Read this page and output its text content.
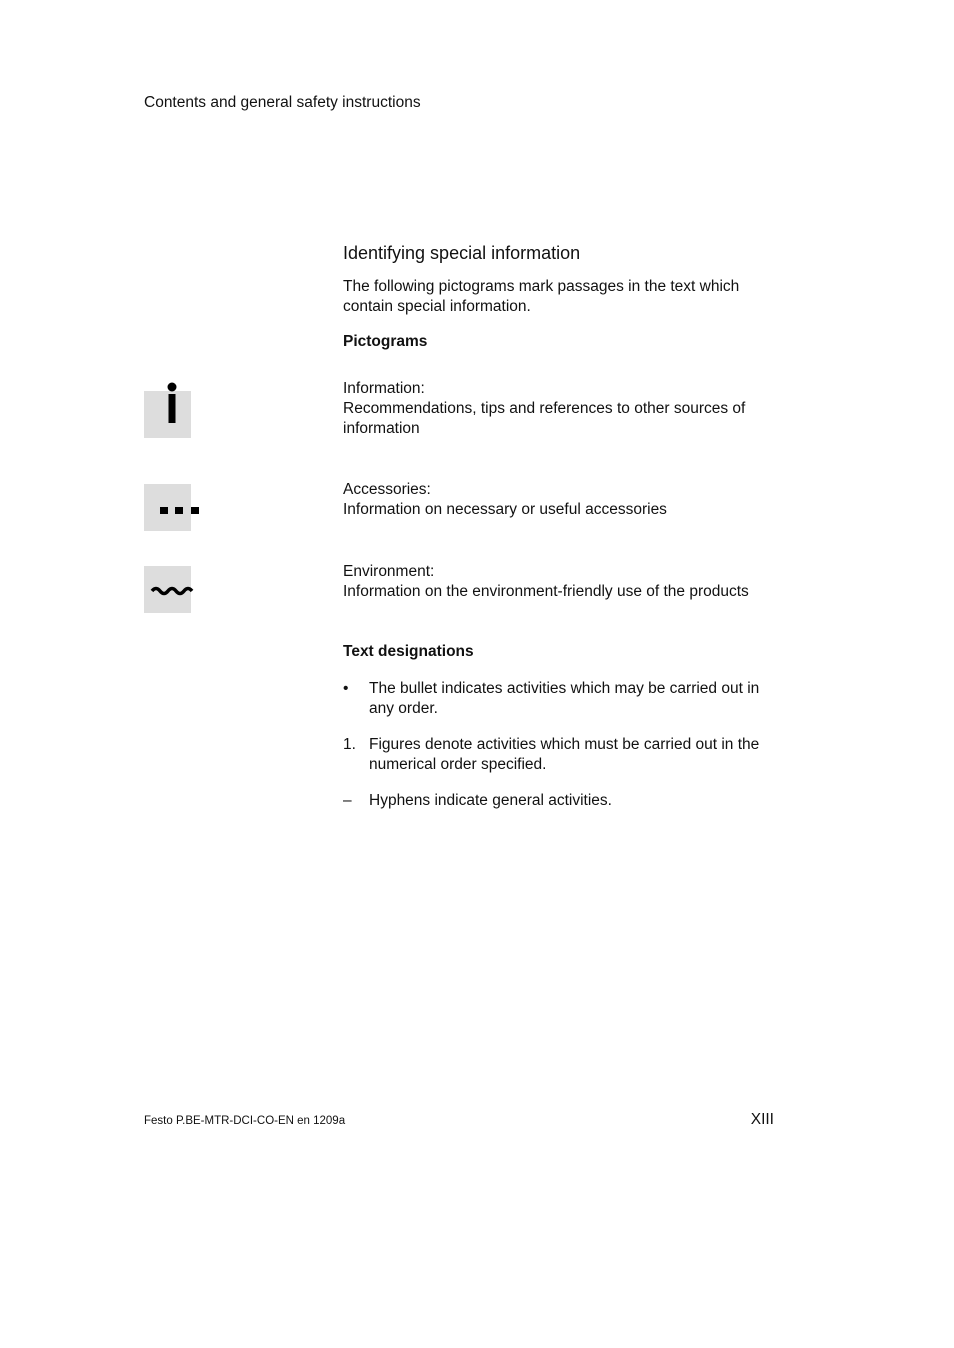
Contents and general safety instructions
Identifying special information
The following pictograms mark passages in the text which contain special information.
Pictograms
Information:
Recommendations, tips and references to other sources of information
Accessories:
Information on necessary or useful accessories
Environment:
Information on the environment-friendly use of the products
Text designations
•	The bullet indicates activities which may be carried out in any order.
1. Figures denote activities which must be carried out in the numerical order specified.
–	Hyphens indicate general activities.
Festo P.BE-MTR-DCI-CO-EN en 1209a	XIII
